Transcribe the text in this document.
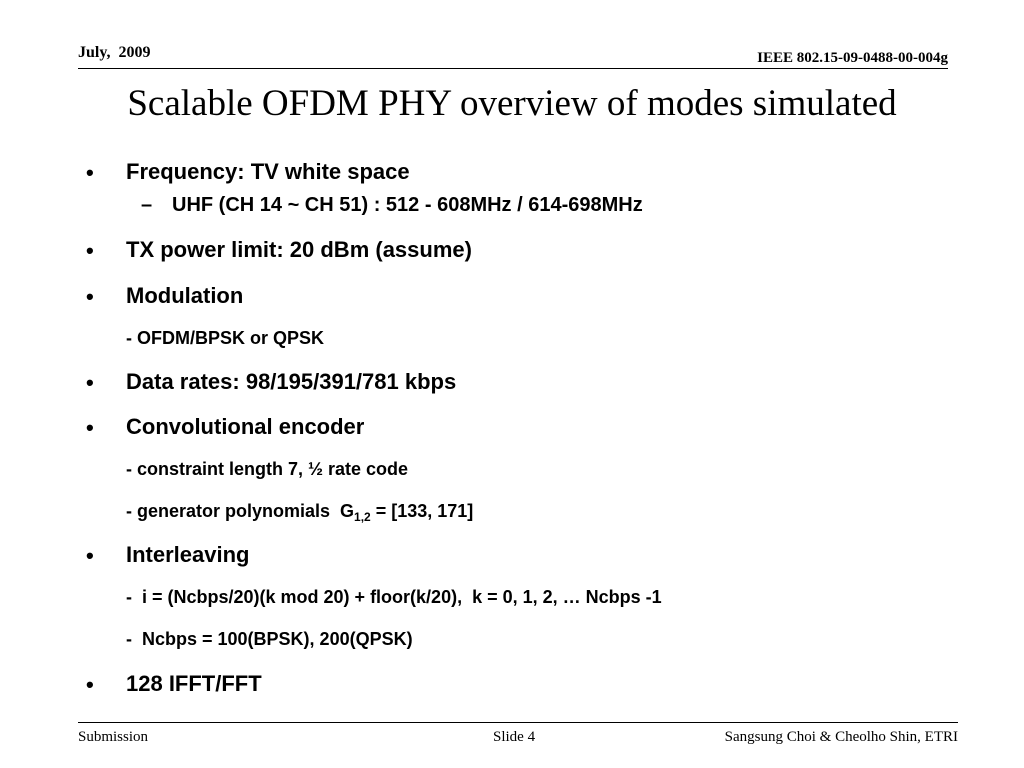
July,  2009	IEEE 802.15-09-0488-00-004g
Scalable OFDM PHY overview of modes simulated
• Frequency: TV white space
– UHF (CH 14 ~ CH 51) : 512 - 608MHz / 614-698MHz
• TX power limit: 20 dBm (assume)
• Modulation
- OFDM/BPSK or QPSK
• Data rates: 98/195/391/781 kbps
• Convolutional encoder
- constraint length 7, ½ rate code
- generator polynomials  $G_{1,2} = [133$, 171]
• Interleaving
-  i = (Ncbps/20)(k mod 20) + floor(k/20),  k = 0, 1, 2, … Ncbps -1
-  Ncbps = 100(BPSK), 200(QPSK)
• 128 IFFT/FFT
Submission	Slide 4	Sangsung Choi & Cheolho Shin, ETRI
